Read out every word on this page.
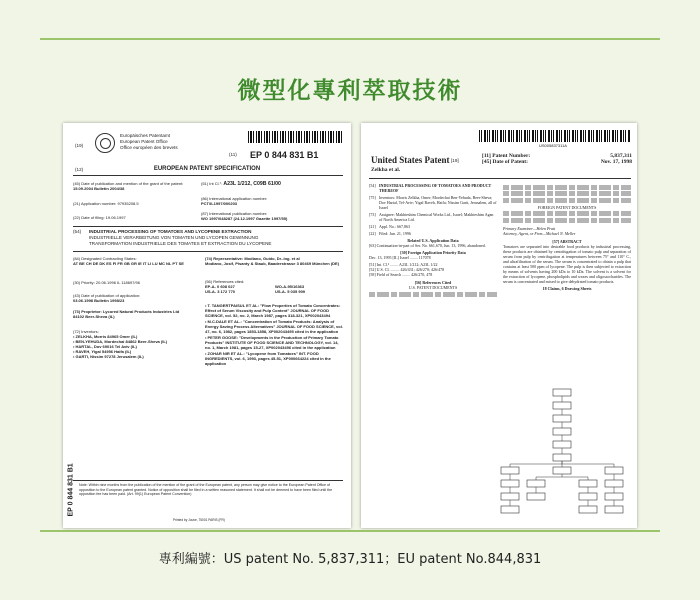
微型化專利萃取技術
(19)
Europäisches Patentamt
European Patent Office
Office européen des brevets
(11) EP 0 844 831 B1
(12)	EUROPEAN PATENT SPECIFICATION
(45) Date of publication and mention of the grant of the patent:
15.09.2004 Bulletin 2004/38
(51) Int Cl.⁷: A23L 1/212, C09B 61/00
(21) Application number: 97935208.5
(86) International application number:
PCT/IL1997/000203
(22) Date of filing: 19.06.1997
(87) International publication number:
WO 1997/048287 (24.12.1997 Gazette 1997/55)
(54) INDUSTRIAL PROCESSING OF TOMATOES AND LYCOPENE EXTRACTION
INDUSTRIELLE VERARBEITUNG VON TOMATEN UND LYCOPEN GEWINNUNG
TRANSFORMATION INDUSTRIELLE DES TOMATES ET EXTRACTION DU LYCOPENE
(84) Designated Contracting States:
AT BE CH DE DK ES FI FR GB GR IE IT LI LU MC NL PT SE
(30) Priority: 20.06.1996 IL 118697/96
(43) Date of publication of application:
03.06.1998 Bulletin 1998/23
(73) Proprietor: Lycored Natural Products Industries Ltd
84102 Beer-Sheva (IL)
(72) Inventors:
• ZELKHA, Morris 84965 Omer (IL)
• BEN-YEHUDA, Mordechai 84862 Beer-Sheva (IL)
• HARTAL, Dov 69016 Tel Aviv (IL)
• RAVEH, Yigal 54956 Haifa (IL)
• GARTI, Nissim 97278 Jerusalem (IL)
(74) Representative: Modiano, Guido, Dr.-Ing. et al
Modiano, Josif, Pisanty & Staub, Baaderstrasse 3 80469 München (DE)
(56) References cited:
EP-A- 0 608 027	WO-A-95/16363
US-A- 3 172 770	US-A- 5 035 909
• T. TANGERTPAISUL ET AL: "Flow Properties of Tomato Concentrates: Effect of Serum Viscosity and Pulp Content" JOURNAL OF FOOD SCIENCE, vol. 52, no. 2, March 1987, pages 318-321, XP002043494
• M.C.DALE ET AL.: "Concentration of Tomato Products: Analysis of Energy Saving Process Alternatives" JOURNAL OF FOOD SCIENCE, vol. 47, no. 6, 1982, pages 1853-1858, XP002043495 cited in the application
• PETER GOOSE: "Developments in the Production of Primary Tomato Products" INSTITUTE OF FOOD SCIENCE AND TECHNOLOGY, vol. 14, no. 1, March 1981, pages 15-27, XP002043496 cited in the application
• ZOHAR NIR ET AL.: "Lycopene from Tomatoes" INT. FOOD INGREDIENTS, vol. 6, 1993, pages 45-51, XP000664224 cited in the application
Note: Within nine months from the publication of the mention of the grant of the European patent, any person may give notice to the European Patent Office of opposition to the European patent granted. Notice of opposition shall be filed in a written reasoned statement. It shall not be deemed to have been filed until the opposition fee has been paid. (Art. 99(1) European Patent Convention)
Printed by Jouve, 75001 PARIS (FR)
EP 0 844 831 B1
US005837311A
United States Patent [19]
Zelkha et al.
[11] Patent Number:	5,837,311
[45] Date of Patent:	Nov. 17, 1998
[54] INDUSTRIAL PROCESSING OF TOMATOES AND PRODUCT THEREOF
[75] Inventors: Morris Zelkha, Omer; Mordechai Ben-Yehuda, Beer-Sheva; Dov Hartal, Tel-Aviv; Yigal Raveh, Haifa; Nissim Garti, Jerusalem, all of Israel
[73] Assignee: Makhteshim Chemical Works Ltd., Israel; Makhteshim Agan of North America Ltd.
[21] Appl. No.: 667,863
[22] Filed: Jun. 21, 1996
Related U.S. Application Data
[63] Continuation-in-part of Ser. No. 661,670, Jun. 13, 1996, abandoned.
[30] Foreign Application Priority Data
Dec. 13, 1995 [IL] Israel ........ 117078
[51] Int. Cl.⁶ ........ A23L 1/212; A23L 1/22
[52] U.S. Cl. ......... 426/431; 426/270; 426/478
[58] Field of Search ........ 426/270, 478
[56] References Cited
U.S. PATENT DOCUMENTS
FOREIGN PATENT DOCUMENTS
Primary Examiner—Helen Pratt
Attorney, Agent, or Firm—Michael N. Meller
[57] ABSTRACT
Tomatoes are separated into desirable food products by industrial processing, these products are obtained by centrifugation of tomato pulp and separation of serum from pulp by centrifugation at temperatures between 75° and 110° C., and ultrafiltration of the serum. The serum is concentrated to obtain a pulp that contains at least 500 ppm of lycopene. The pulp is then subjected to extraction by means of solvents having 200 kDa to 10 kDa. The solvent is a solvent for the extraction of lycopene, phospholipids and waxes and oligosaccharides. The serum is concentrated and mixed to give dehydrated tomato products.
18 Claims, 6 Drawing Sheets
專利編號：US patent No. 5,837,311；EU patent No.844,831
